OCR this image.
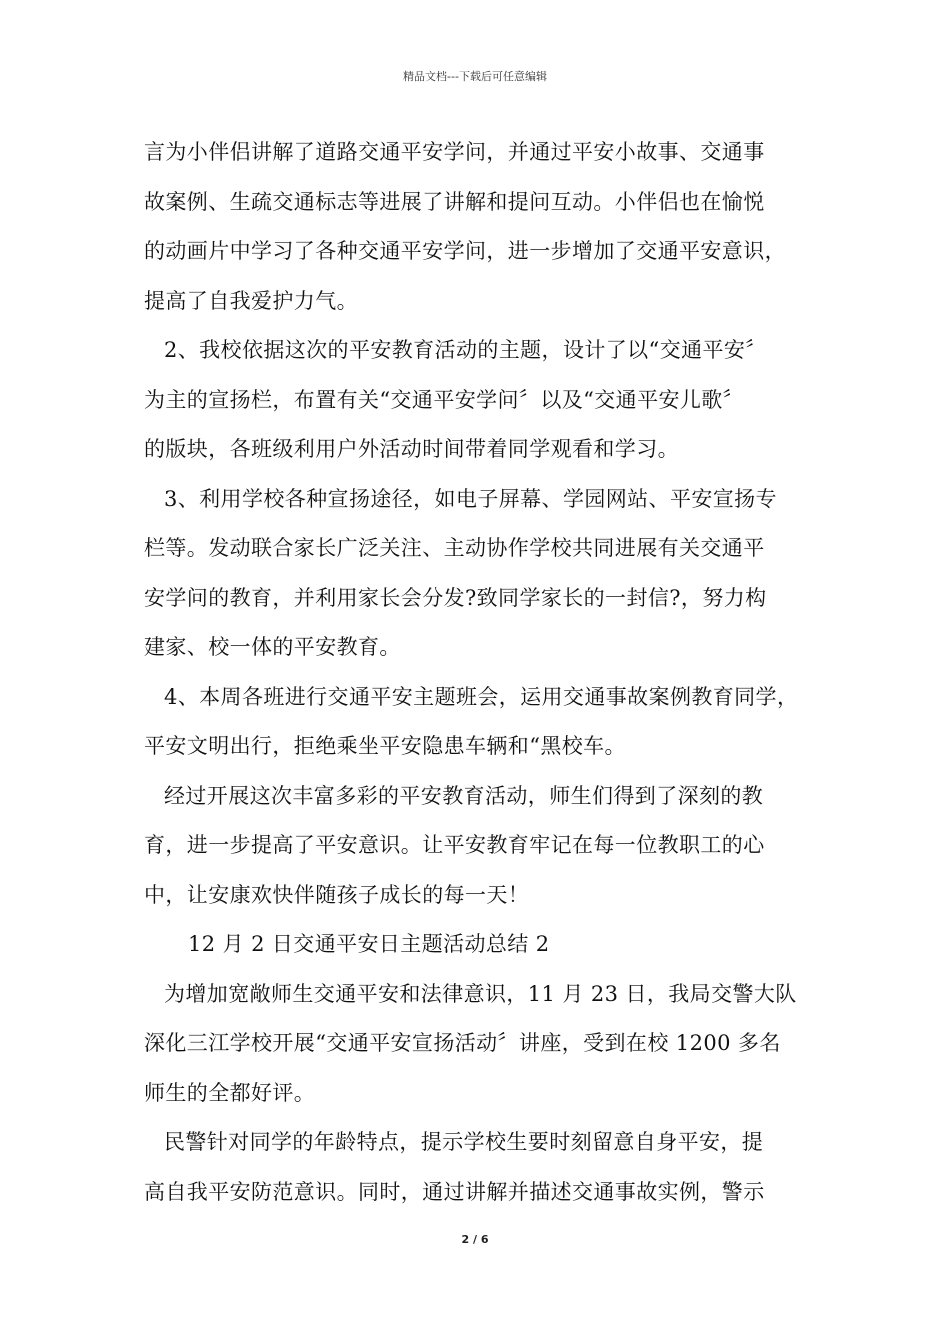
精品文档---下载后可任意编辑
言为小伴侣讲解了道路交通平安学问，并通过平安小故事、交通事
故案例、生疏交通标志等进展了讲解和提问互动。小伴侣也在愉悦
的动画片中学习了各种交通平安学问，进一步增加了交通平安意识，
提高了自我爱护力气。
2、我校依据这次的平安教育活动的主题，设计了以“交通平安〞
为主的宣扬栏，布置有关“交通平安学问〞以及“交通平安儿歌〞
的版块，各班级利用户外活动时间带着同学观看和学习。
3、利用学校各种宣扬途径，如电子屏幕、学园网站、平安宣扬专
栏等。发动联合家长广泛关注、主动协作学校共同进展有关交通平
安学问的教育，并利用家长会分发?致同学家长的一封信?，努力构
建家、校一体的平安教育。
4、本周各班进行交通平安主题班会，运用交通事故案例教育同学，
平安文明出行，拒绝乘坐平安隐患车辆和“黑校车。
经过开展这次丰富多彩的平安教育活动，师生们得到了深刻的教
育，进一步提高了平安意识。让平安教育牢记在每一位教职工的心
中，让安康欢快伴随孩子成长的每一天！
12 月 2 日交通平安日主题活动总结 2
为增加宽敞师生交通平安和法律意识，11 月 23 日，我局交警大队
深化三江学校开展“交通平安宣扬活动〞讲座，受到在校 1200 多名
师生的全都好评。
民警针对同学的年龄特点，提示学校生要时刻留意自身平安，提
高自我平安防范意识。同时，通过讲解并描述交通事故实例，警示
2 / 6
